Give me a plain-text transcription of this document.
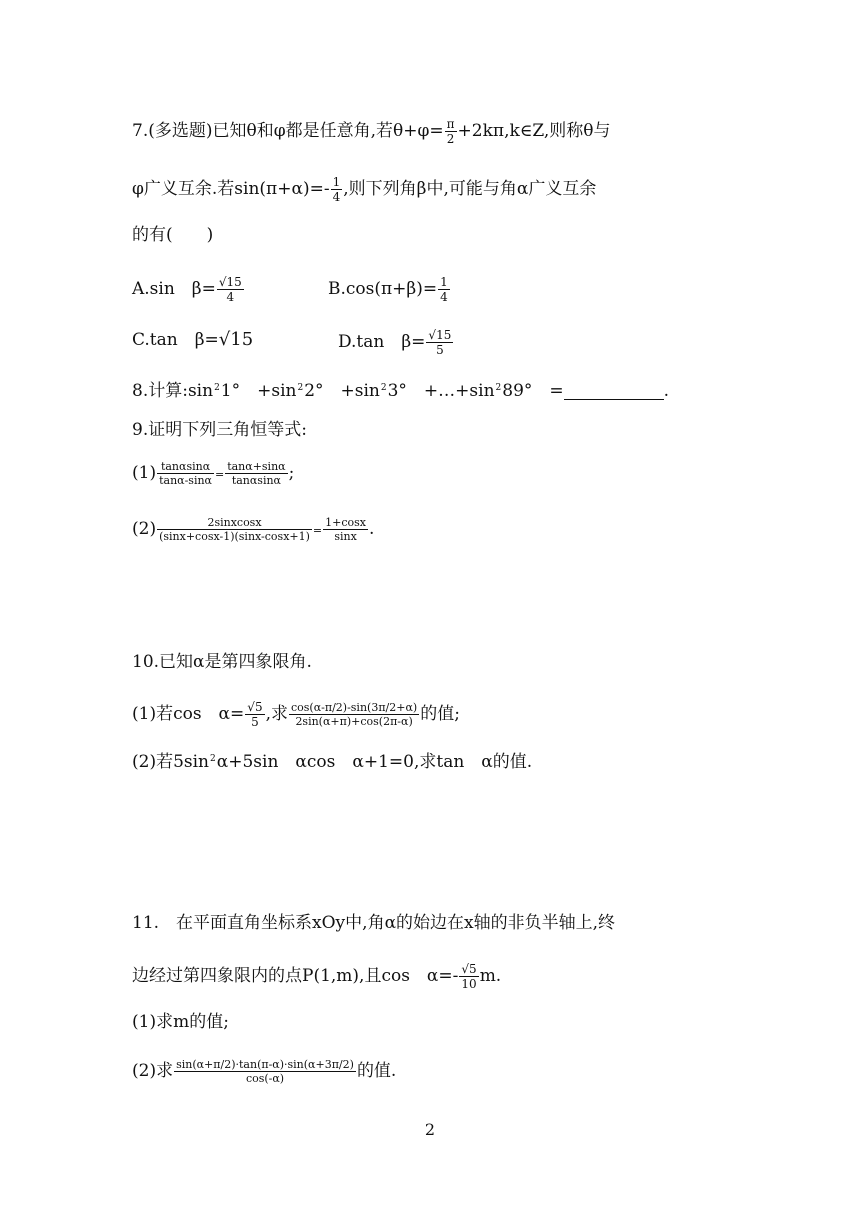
7.(多选题)已知θ和φ都是任意角,若$\theta+\varphi= \frac{\pi}{2}$ +2kπ,k∈Z,则称θ与
φ广义互余.若$\sin(\pi+\alpha)=- \frac{1}{4}$ ,则下列角β中,可能与角α广义互余
的有(　　)
A.sin　$\beta= \frac{√15}{4}$	$B.\cos(\pi+\beta)= \frac{1}{4}$
C.tan　β=√15	D.tan　$\beta= \frac{√15}{5}$
8.计算$:\sin^21^\circ$　$+\sin^22^\circ$　$+\sin^23^\circ$　$+\dots+\sin^289^\circ$　=	.
9.证明下列三角恒等式:
$(1) \frac{\tan\alpha\sin\alpha}{\tan\alpha-\sin\alpha} = \frac{\tan\alpha+\sin\alpha}{\tan\alpha\sin\alpha}$ ;
$(2) \frac{\text{2sinxcosx}}{(\sin x+\cos x-1)(\sin x-\cos x+1)} = \frac{1+\cos x}{\sin x}$ .
10.已知α是第四象限角.
(1)若cos　$\alpha= \frac{√5}{5}$ ,求 $\frac{\cos(\alpha-\pi/2)-\sin(3\pi/2+\alpha)}{2\sin(\alpha+\pi)+\cos(2\pi-\alpha)}$ 的值;
(2)若$5\sin^2\alpha+5\sin$　αcos　α+1=0,求tan　α的值.
11.　在平面直角坐标系xOy中,角α的始边在x轴的非负半轴上,终
边经过第四象限内的点P(1,m),且cos　$\alpha=- \frac{√5}{10} m$.
(1)求m的值;
(2)求 $\frac{\sin(\alpha+\pi/2)\cdot\tan(\pi-\alpha)\cdot\sin(\alpha+3\pi/2)}{\cos(-\alpha)}$ 的值.
2
